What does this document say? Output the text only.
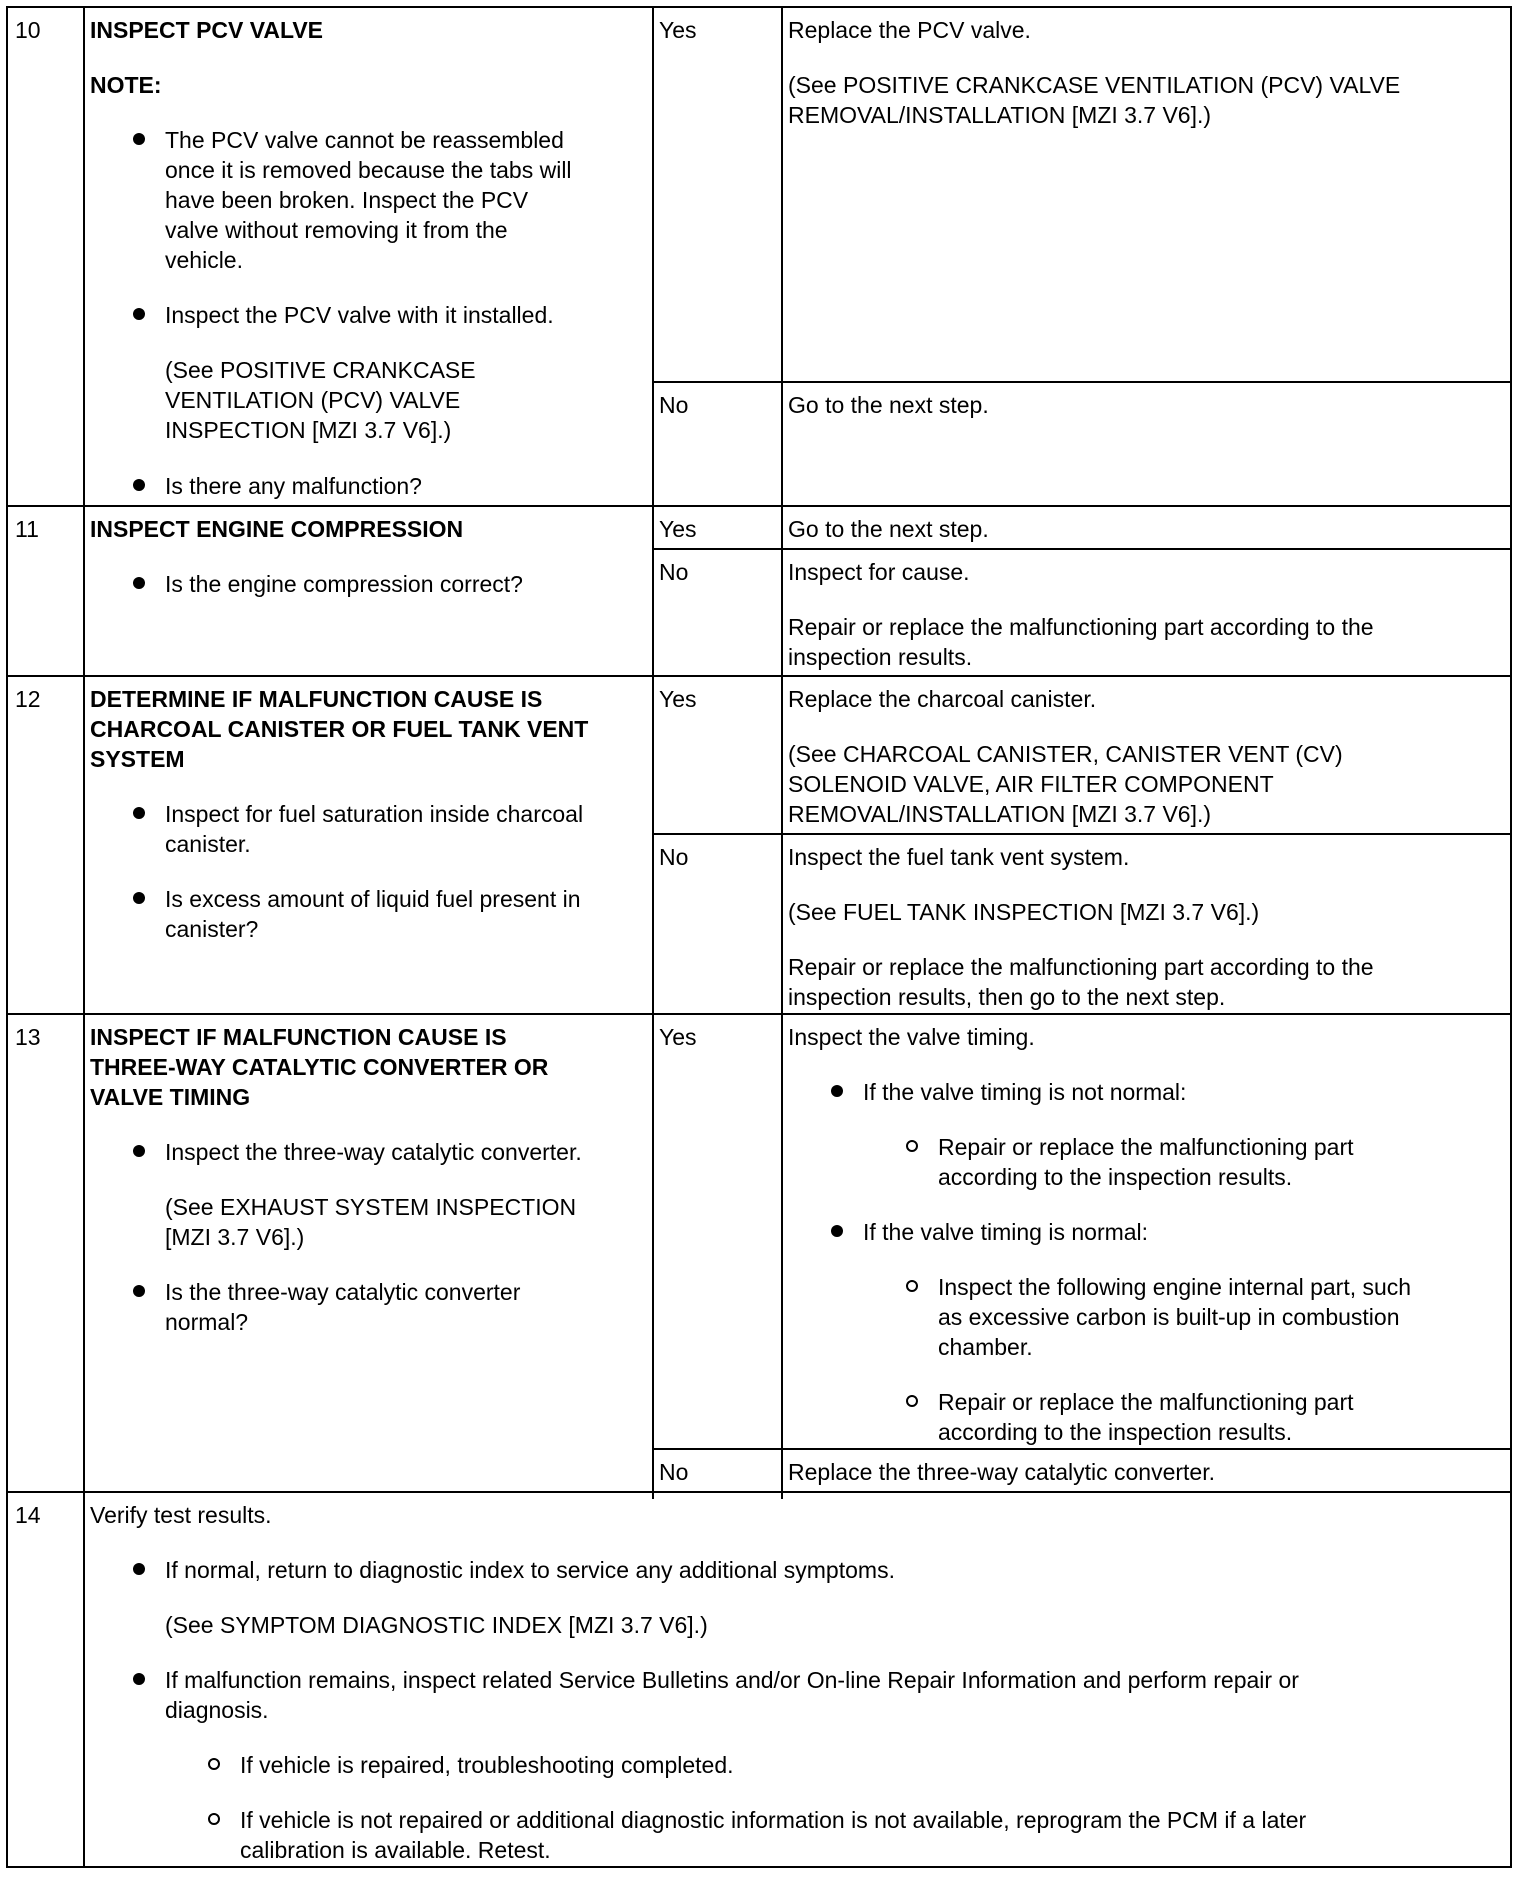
10 INSPECT PCV VALVE
NOTE:
The PCV valve cannot be reassembled
once it is removed because the tabs will
have been broken. Inspect the PCV
valve without removing it from the
vehicle.
Inspect the PCV valve with it installed.
(See POSITIVE CRANKCASE
VENTILATION (PCV) VALVE
INSPECTION [MZI 3.7 V6].)
Is there any malfunction?
Yes	Replace the PCV valve.
(See POSITIVE CRANKCASE VENTILATION (PCV) VALVE
REMOVAL/INSTALLATION [MZI 3.7 V6].)
No	Go to the next step.
11 INSPECT ENGINE COMPRESSION
Is the engine compression correct?
Yes	Go to the next step.
No	Inspect for cause.
Repair or replace the malfunctioning part according to the
inspection results.
12 DETERMINE IF MALFUNCTION CAUSE IS
CHARCOAL CANISTER OR FUEL TANK VENT
SYSTEM
Inspect for fuel saturation inside charcoal
canister.
Is excess amount of liquid fuel present in
canister?
Yes	Replace the charcoal canister.
(See CHARCOAL CANISTER, CANISTER VENT (CV)
SOLENOID VALVE, AIR FILTER COMPONENT
REMOVAL/INSTALLATION [MZI 3.7 V6].)
No	Inspect the fuel tank vent system.
(See FUEL TANK INSPECTION [MZI 3.7 V6].)
Repair or replace the malfunctioning part according to the
inspection results, then go to the next step.
13 INSPECT IF MALFUNCTION CAUSE IS
THREE-WAY CATALYTIC CONVERTER OR
VALVE TIMING
Inspect the three-way catalytic converter.
(See EXHAUST SYSTEM INSPECTION
[MZI 3.7 V6].)
Is the three-way catalytic converter
normal?
Yes	Inspect the valve timing.
If the valve timing is not normal:
Repair or replace the malfunctioning part
according to the inspection results.
If the valve timing is normal:
Inspect the following engine internal part, such
as excessive carbon is built-up in combustion
chamber.
Repair or replace the malfunctioning part
according to the inspection results.
No	Replace the three-way catalytic converter.
14 Verify test results.
If normal, return to diagnostic index to service any additional symptoms.
(See SYMPTOM DIAGNOSTIC INDEX [MZI 3.7 V6].)
If malfunction remains, inspect related Service Bulletins and/or On-line Repair Information and perform repair or
diagnosis.
If vehicle is repaired, troubleshooting completed.
If vehicle is not repaired or additional diagnostic information is not available, reprogram the PCM if a later
calibration is available. Retest.
